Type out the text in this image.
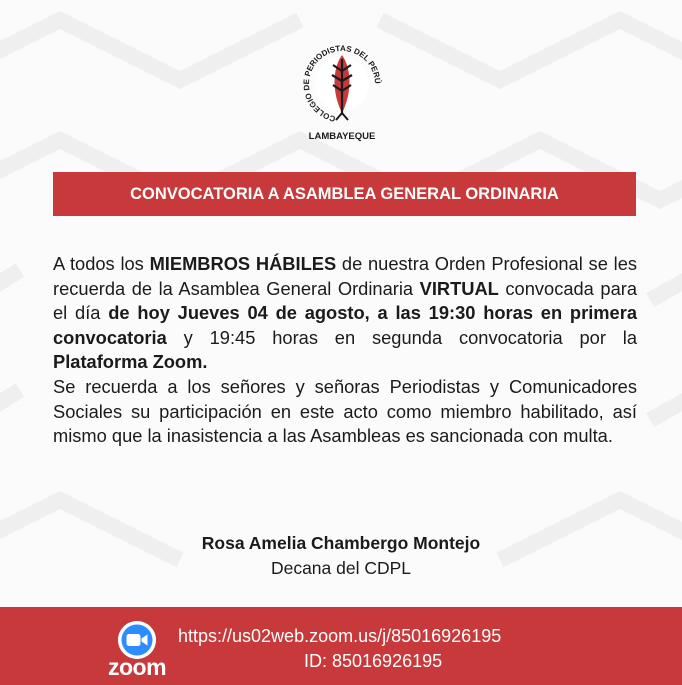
COLEGIO DE PERIODISTAS DEL PERÚ
LAMBAYEQUE
CONVOCATORIA A ASAMBLEA GENERAL ORDINARIA

A todos los MIEMBROS HÁBILES de nuestra Orden Profesional se les recuerda de la Asamblea General Ordinaria VIRTUAL convocada para el día de hoy Jueves 04 de agosto, a las 19:30 horas en primera convocatoria y 19:45 horas en segunda convocatoria por la Plataforma Zoom.

Se recuerda a los señores y señoras Periodistas y Comunicadores Sociales su participación en este acto como miembro habilitado, así mismo que la inasistencia a las Asambleas es sancionada con multa.

Rosa Amelia Chambergo Montejo
Decana del CDPL
zoom
https://us02web.zoom.us/j/85016926195
ID: 85016926195
